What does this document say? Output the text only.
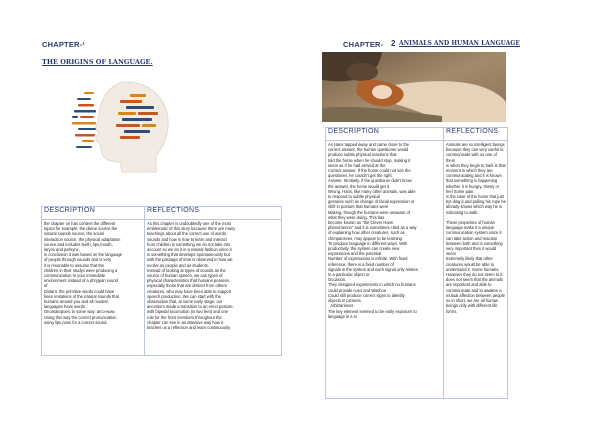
CHAPTER-¹
THE ORIGINS OF LANGUAGE.
DESCRIPTION	REFLECTIONS
the chapter on has content the different
topics for example: the divine source,the
natural sounds source, the social
interaction source, the physical adaptation
source and includes teeth, lips,mouth,
larynx and pahrynx,
in conclusion it was based on the language
of people through sounds and is very
it is resonable to assume that the
children in their studys were producing a
communication to your immediate
environment instead of a phrygian sound
of
Distant. the primitive words could have
been imitations of the natural sounds that
humans around you and all modern
languages have words
Onomatopoeic in some way: arco-wow.
Using this way the correct pronunciation
using lips,nose for a correct sound.
As this chapter is undoubtedly one of the most
emblematic of this story because there are many
teachings about all the correct use of words,
sounds and how is how to learn and interact
from children is something we do not take into
account so we do it in a natural fashion since it
is something that develops spontaneously but
with the passage of time is observed in how we
evolve as people and as students.
Instead of looking at types of sounds as the
source of human speech, we can types of
physical characteristics that humans possess,
especially those that are distinct from others
creatures, who may have been able to support
speech production. We can start with the
observation that, at some early stage, our
ancestors made a transition to an erect posture,
with bipedal locomotion (in two feet) and one
role for the front members throughout the
chapter can see in an attentive way how it
teaches us a reflection and learn continuously.
CHAPTER- 2 ANIMALS AND HUMAN LANGUAGE
DESCRIPTION	REFLECTIONS
As Hans tapped away and came close to the
correct answer, the human questioner would
produce subtle physical reactions that
told the horse when he should stop, making it
seem as if he had arrived at the
Correct answer. If the horse could not see the
questioner, he couldn't get the right
Answer. Similarly, if the questioner didn't know
the answer, the horse would get it
Wrong. Hans, like many other animals, was able
to respond to subtle physical
gestures such as change of facial expression or
shift in posture that humans were
Making, though the humans were unaware of
what they were doing. This has
become known as "the Clever Hans
phenomenon" and it is sometimes cited as a way
of explaining how other creatures, such as
chimpanzees, may appear to be learning
To produce language in different ways. With
productivity, the system can create new
expressions and the potential
Number of expressions is infinite. With fixed
reference, there is a fixed number of
signals in the system and each signal only relates
to a particular object or
Occasion.
They designed experiments in which no humans
could provide cues and Washoe
Could still produce correct signs to identify
objects in pictures.
Arbitrariness
The key element seemed to be early exposure to
language in a si
Animals are so intelligent beings
because they can very useful to
communicate with us one of them
is when they begin to bark is that
moment in which they are
communicating and it is known
that something is happening
whether it is hungry, thirsty or
feel Some pain.
is the case of the horse that just
byt ding it and pulling his rope he
already knows which way he is
indicating to walk.

These properties of human
language make it a unique
communication system since it
can take action and reaction
between both and is something
very important then it would
seem
Extremely likely that other
creatures would be able to
understand it. Some humans,
However they do not seem to it
does not seem that the animals
are important and able to
communicate and to awaken a
mutual affection between people
so in short, we are all human
beings only with different life
forms.
